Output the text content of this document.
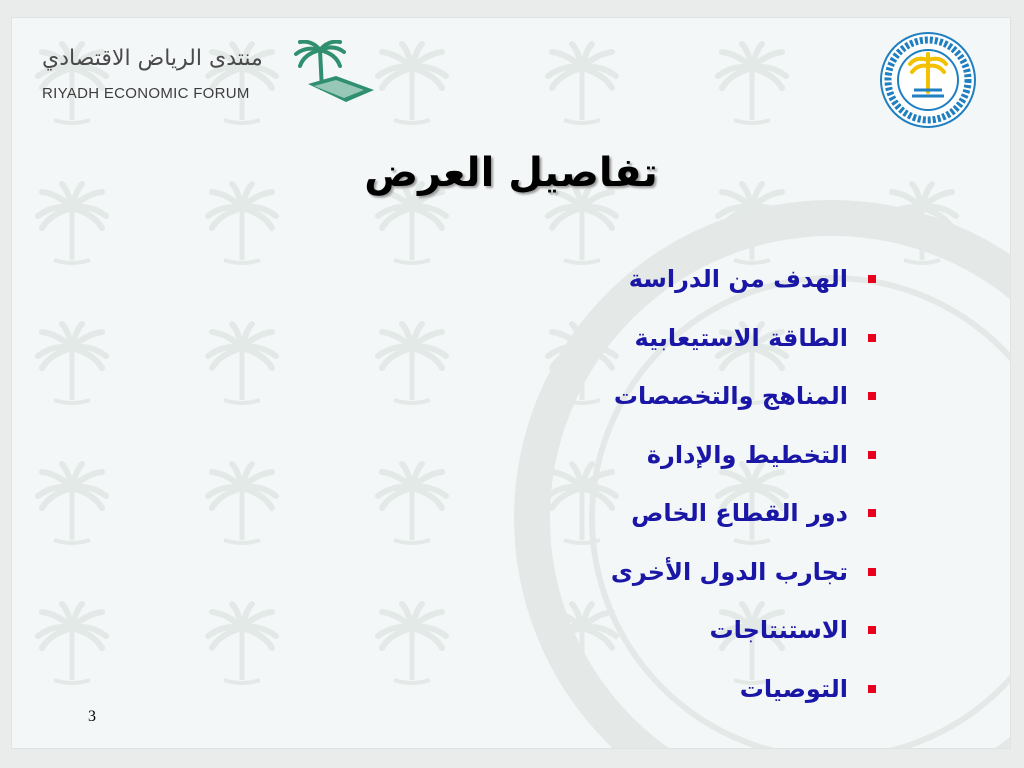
منتدى الرياض الاقتصادي
RIYADH ECONOMIC FORUM
تفاصيل العرض
الهدف من الدراسة
الطاقة الاستيعابية
المناهج والتخصصات
التخطيط والإدارة
دور القطاع الخاص
تجارب الدول الأخرى
الاستنتاجات
التوصيات
3
